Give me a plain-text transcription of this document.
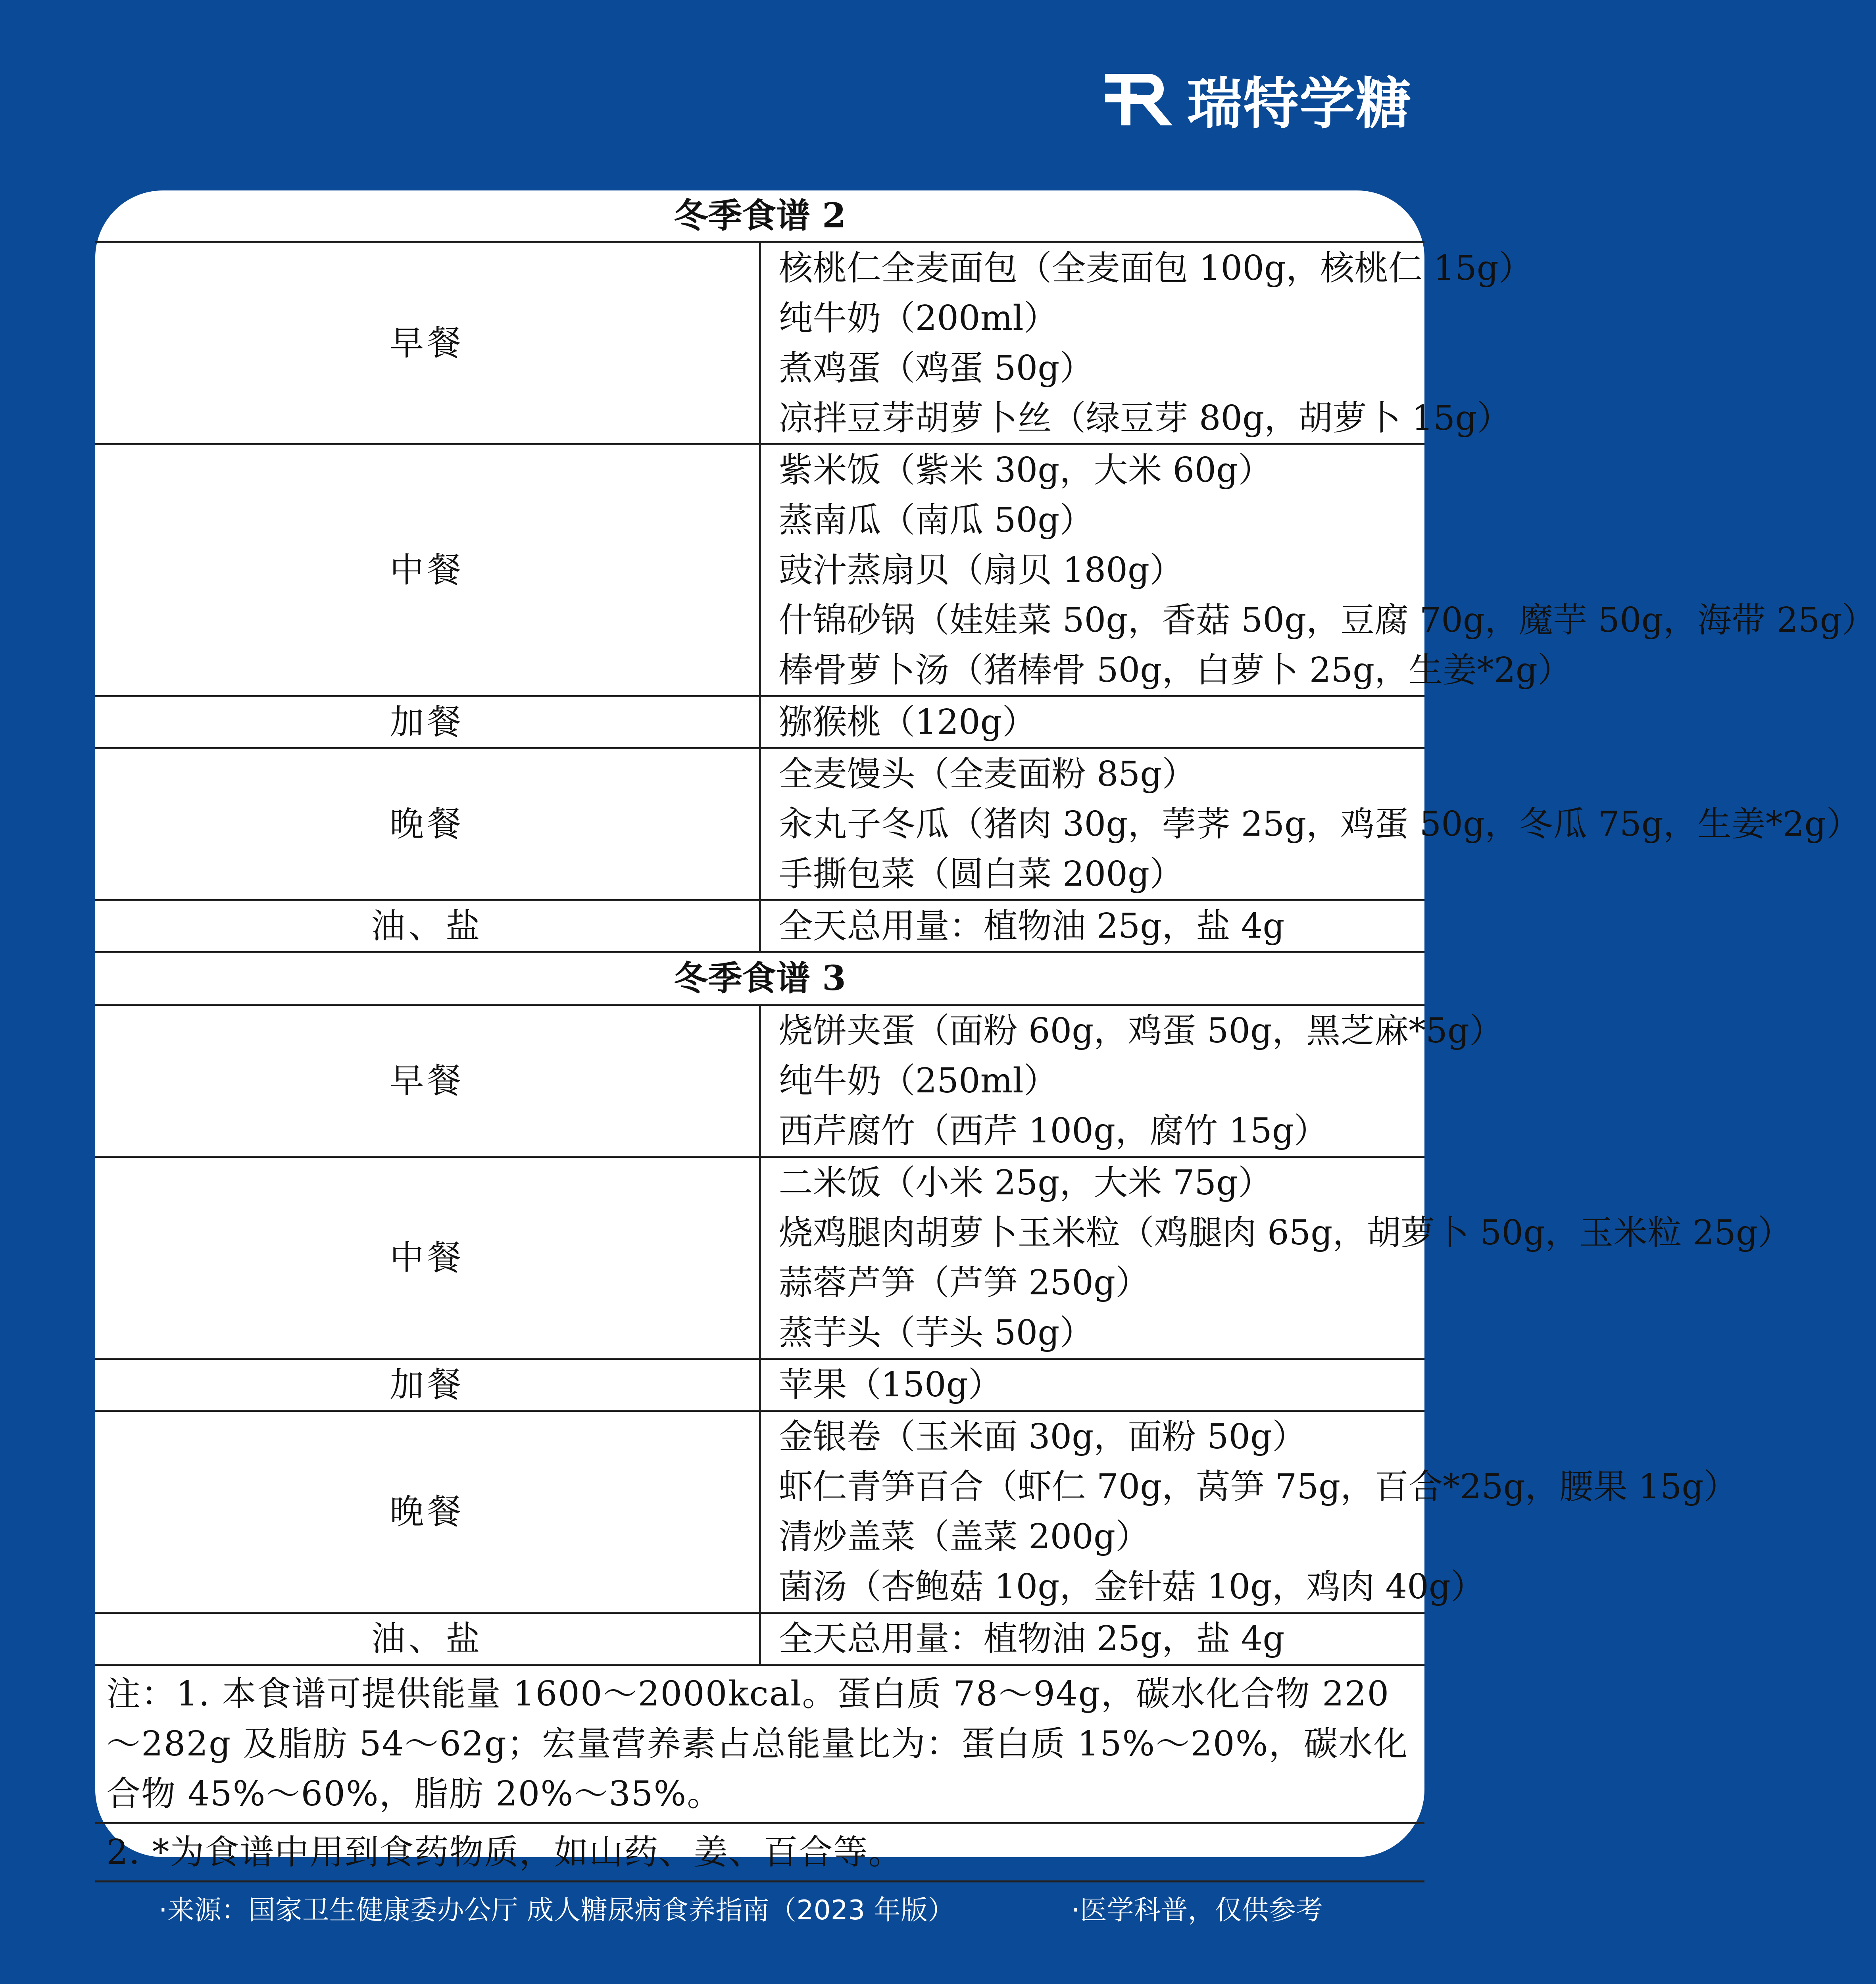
瑞特学糖
冬季食谱 2	
早餐	核桃仁全麦面包（全麦面包 100g，核桃仁 15g）
纯牛奶（200ml）
煮鸡蛋（鸡蛋 50g）
凉拌豆芽胡萝卜丝（绿豆芽 80g，胡萝卜 15g）

中餐	紫米饭（紫米 30g，大米 60g）
蒸南瓜（南瓜 50g）
豉汁蒸扇贝（扇贝 180g）
什锦砂锅（娃娃菜 50g，香菇 50g，豆腐 70g，魔芋 50g，海带 25g）
棒骨萝卜汤（猪棒骨 50g，白萝卜 25g，生姜*2g）

加餐	猕猴桃（120g）

晚餐	全麦馒头（全麦面粉 85g）
汆丸子冬瓜（猪肉 30g，荸荠 25g，鸡蛋 50g，冬瓜 75g，生姜*2g）
手撕包菜（圆白菜 200g）

油、盐	全天总用量：植物油 25g，盐 4g

冬季食谱 3	
早餐	烧饼夹蛋（面粉 60g，鸡蛋 50g，黑芝麻*5g）
纯牛奶（250ml）
西芹腐竹（西芹 100g，腐竹 15g）

中餐	二米饭（小米 25g，大米 75g）
烧鸡腿肉胡萝卜玉米粒（鸡腿肉 65g，胡萝卜 50g，玉米粒 25g）
蒜蓉芦笋（芦笋 250g）
蒸芋头（芋头 50g）

加餐	苹果（150g）

晚餐	金银卷（玉米面 30g，面粉 50g）
虾仁青笋百合（虾仁 70g，莴笋 75g，百合*25g，腰果 15g）
清炒盖菜（盖菜 200g）
菌汤（杏鲍菇 10g，金针菇 10g，鸡肉 40g）

油、盐	全天总用量：植物油 25g，盐 4g

注：1. 本食谱可提供能量 1600～2000kcal。蛋白质 78～94g，碳水化合物 220～282g 及脂肪 54～62g；宏量营养素占总能量比为：蛋白质 15%～20%，碳水化合物 45%～60%，脂肪 20%～35%。	
2. *为食谱中用到食药物质，如山药、姜、百合等。	
·来源：国家卫生健康委办公厅 成人糖尿病食养指南（2023 年版）	·医学科普，仅供参考
